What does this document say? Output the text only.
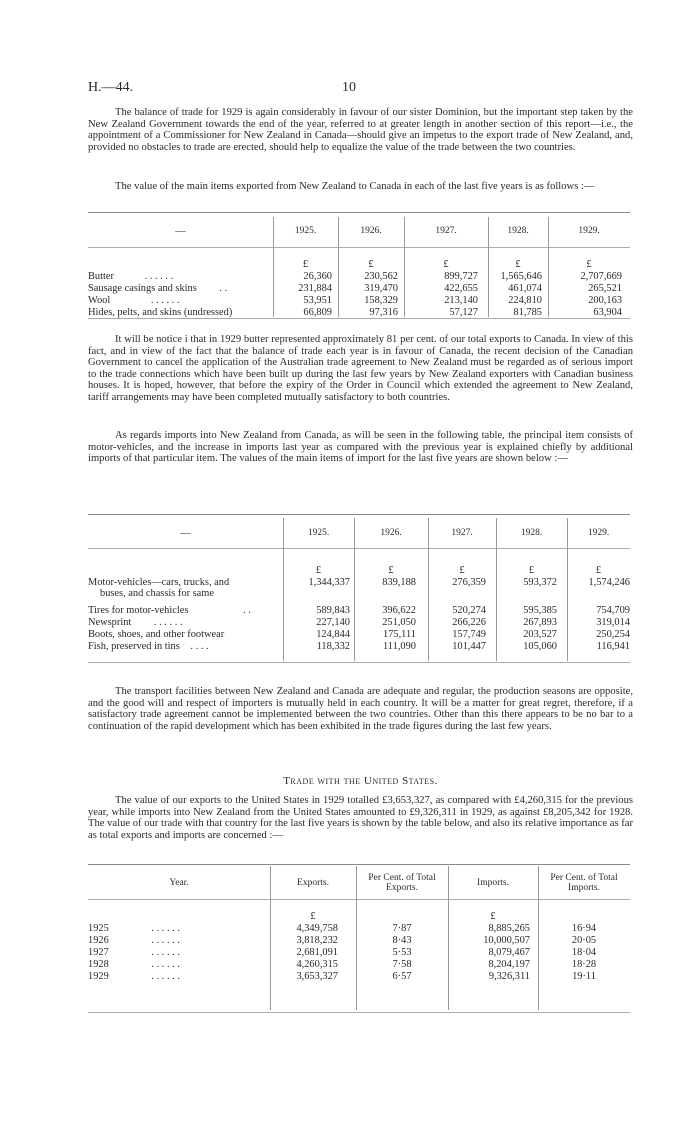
H.—44.	10

The balance of trade for 1929 is again considerably in favour of our sister Dominion, but the important step taken by the New Zealand Government towards the end of the year, referred to at greater length in another section of this report—i.e., the appointment of a Commissioner for New Zealand in Canada—should give an impetus to the export trade of New Zealand, and, provided no obstacles to trade are erected, should help to equalize the value of the trade between the two countries.

The value of the main items exported from New Zealand to Canada in each of the last five years is as follows :—

—	1925.	1926.	1927.	1928.	1929.
	£	£	£	£	£
Butter . . . . . .	26,360	230,562	899,727	1,565,646	2,707,669
Sausage casings and skins . .	231,884	319,470	422,655	461,074	265,521
Wool . . . . . .	53,951	158,329	213,140	224,810	200,163
Hides, pelts, and skins (undressed)	66,809	97,316	57,127	81,785	63,904

It will be notice i that in 1929 butter represented approximately 81 per cent. of our total exports to Canada. In view of this fact, and in view of the fact that the balance of trade each year is in favour of Canada, the recent decision of the Canadian Government to cancel the application of the Australian trade agreement to New Zealand must be regarded as of serious import to the trade connections which have been built up during the last few years by New Zealand exporters with Canadian business houses. It is hoped, however, that before the expiry of the Order in Council which extended the agreement to New Zealand, tariff arrangements may have been completed mutually satisfactory to both countries.

As regards imports into New Zealand from Canada, as will be seen in the following table, the principal item consists of motor-vehicles, and the increase in imports last year as compared with the previous year is explained chiefly by additional imports of that particular item. The values of the main items of import for the last five years are shown below :—

—	1925.	1926.	1927.	1928.	1929.
	£	£	£	£	£
Motor-vehicles—cars, trucks, and	1,344,337	839,188	276,359	593,372	1,574,246
buses, and chassis for same					
Tires for motor-vehicles . .	589,843	396,622	520,274	595,385	754,709
Newsprint . . . . . .	227,140	251,050	266,226	267,893	319,014
Boots, shoes, and other footwear	124,844	175,111	157,749	203,527	250,254
Fish, preserved in tins . . . .	118,332	111,090	101,447	105,060	116,941

The transport facilities between New Zealand and Canada are adequate and regular, the production seasons are opposite, and the good will and respect of importers is mutually held in each country. It will be a matter for great regret, therefore, if a satisfactory trade agreement cannot be implemented between the two countries. Other than this there appears to be no bar to a continuation of the rapid development which has been exhibited in the trade figures during the last few years.

Trade with the United States.

The value of our exports to the United States in 1929 totalled £3,653,327, as compared with £4,260,315 for the previous year, while imports into New Zealand from the United States amounted to £9,326,311 in 1929, as against £8,205,342 for 1928. The value of our trade with that country for the last five years is shown by the table below, and also its relative importance as far as total exports and imports are concerned :—

Year.	Exports.	Per Cent. of Total Exports.	Imports.	Per Cent. of Total Imports.
	£		£	
1925 . . . . . .	4,349,758	7·87	8,885,265	16·94
1926 . . . . . .	3,818,232	8·43	10,000,507	20·05
1927 . . . . . .	2,681,091	5·53	8,079,467	18·04
1928 . . . . . .	4,260,315	7·58	8,204,197	18·28
1929 . . . . . .	3,653,327	6·57	9,326,311	19·11
